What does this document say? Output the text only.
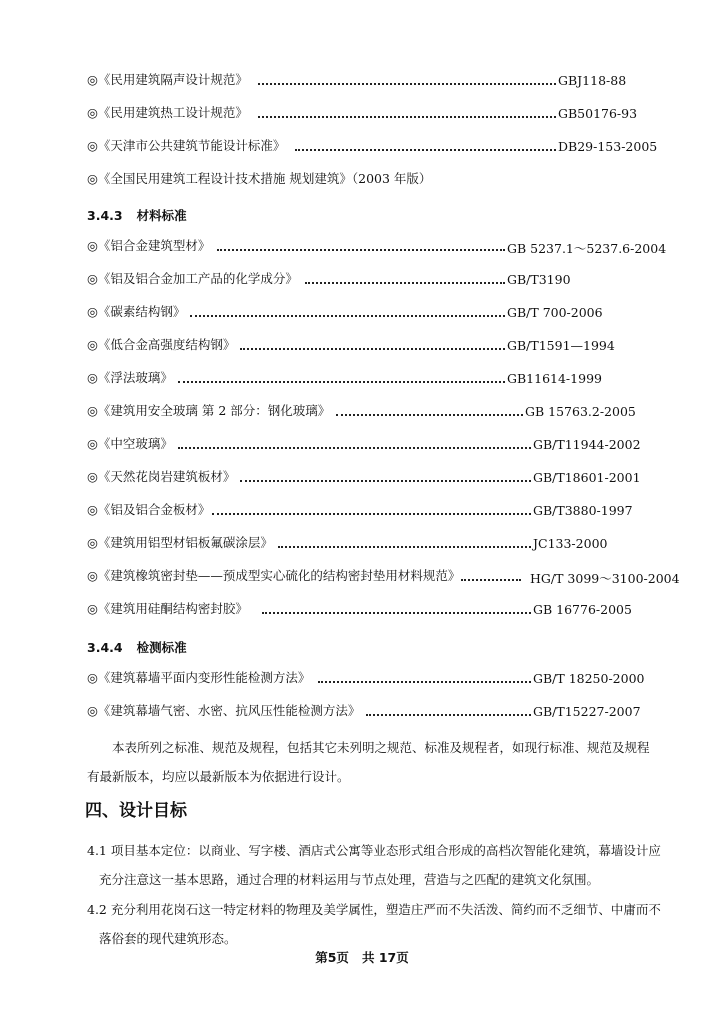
◎《民用建筑隔声设计规范》	GBJ118-88
◎《民用建筑热工设计规范》	GB50176-93
◎《天津市公共建筑节能设计标准》	DB29-153-2005
◎《全国民用建筑工程设计技术措施 规划建筑》（2003 年版）
3.4.3 材料标准
◎《铝合金建筑型材》	GB 5237.1～5237.6-2004
◎《铝及铝合金加工产品的化学成分》	GB/T3190
◎《碳素结构钢》	GB/T 700-2006
◎《低合金高强度结构钢》	GB/T1591—1994
◎《浮法玻璃》	GB11614-1999
◎《建筑用安全玻璃 第 2 部分：钢化玻璃》	GB 15763.2-2005
◎《中空玻璃》	GB/T11944-2002
◎《天然花岗岩建筑板材》	GB/T18601-2001
◎《铝及铝合金板材》	GB/T3880-1997
◎《建筑用铝型材铝板氟碳涂层》	JC133-2000
◎《建筑橡筑密封垫——预成型实心硫化的结构密封垫用材料规范》	HG/T 3099～3100-2004
◎《建筑用硅酮结构密封胶》	GB 16776-2005
3.4.4 检测标准
◎《建筑幕墙平面内变形性能检测方法》	GB/T 18250-2000
◎《建筑幕墙气密、水密、抗风压性能检测方法》	GB/T15227-2007
本表所列之标准、规范及规程，包括其它未列明之规范、标准及规程者，如现行标准、规范及规程有最新版本，均应以最新版本为依据进行设计。
四、设计目标
4.1 项目基本定位：以商业、写字楼、酒店式公寓等业态形式组合形成的高档次智能化建筑，幕墙设计应充分注意这一基本思路，通过合理的材料运用与节点处理，营造与之匹配的建筑文化氛围。
4.2 充分利用花岗石这一特定材料的物理及美学属性，塑造庄严而不失活泼、简约而不乏细节、中庸而不落俗套的现代建筑形态。
第5页 共 17页
